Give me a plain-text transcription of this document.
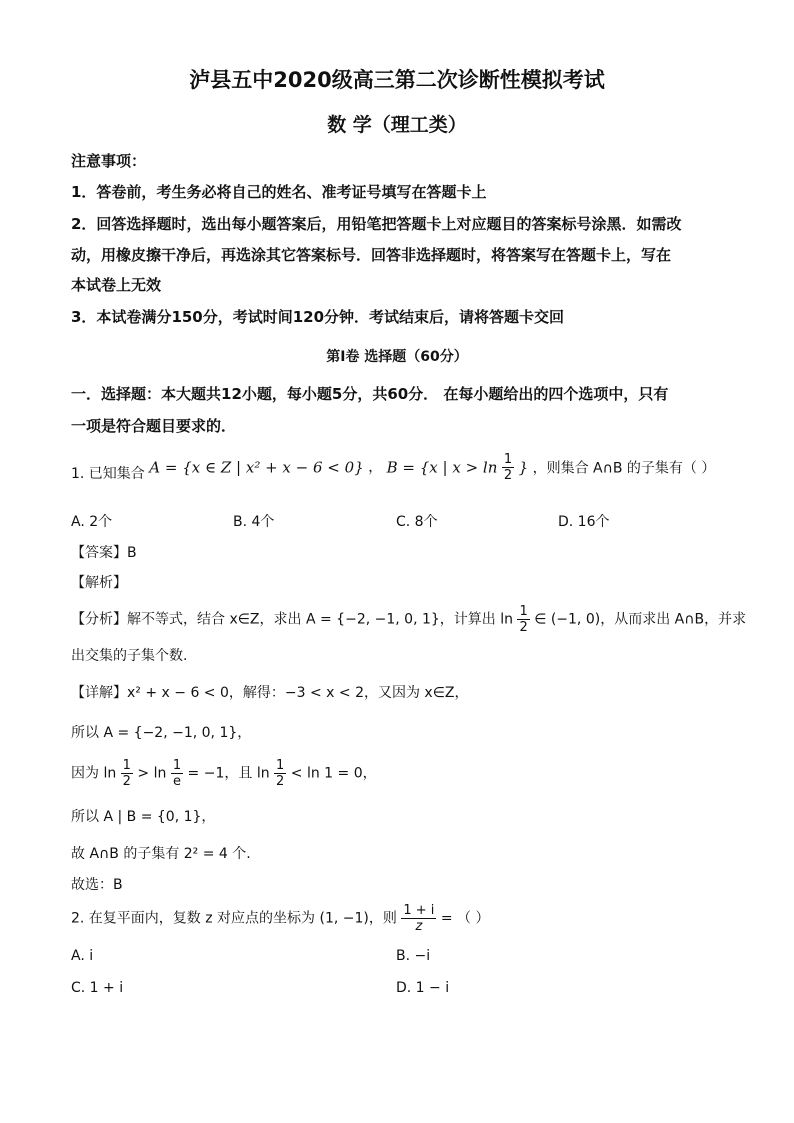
泸县五中2020级高三第二次诊断性模拟考试
数 学（理工类）
注意事项：
1．答卷前，考生务必将自己的姓名、准考证号填写在答题卡上
2．回答选择题时，选出每小题答案后，用铅笔把答题卡上对应题目的答案标号涂黑．如需改
动，用橡皮擦干净后，再选涂其它答案标号．回答非选择题时，将答案写在答题卡上，写在
本试卷上无效
3．本试卷满分150分，考试时间120分钟．考试结束后，请将答题卡交回
第I卷 选择题（60分）
一．选择题：本大题共12小题，每小题5分，共60分． 在每小题给出的四个选项中，只有
一项是符合题目要求的．
1. 已知集合 A = {x ∈ Z | x² + x − 6 < 0} ， B = {x | $x > \ln \frac{1}{2}$ } ，则集合 A∩B 的子集有（ ）
A. 2个	B. 4个	C. 8个	D. 16个
【答案】B
【解析】
【分析】解不等式，结合 x∈Z，求出 A = {−2, −1, 0, 1}，计算出 $\ln \frac{1}{2}$ ∈ (−1, 0)，从而求出 A∩B，并求
出交集的子集个数.
【详解】x² + x − 6 < 0，解得：−3 < x < 2，又因为 x∈Z，
所以 A = {−2, −1, 0, 1}，
因为 $\ln \frac{1}{2} > \ln \frac{1}{e} = -1$，且 $\ln \frac{1}{2} < \ln 1 = 0$，
所以 A | B = {0, 1}，
故 A∩B 的子集有 2² = 4 个.
故选：B
2. 在复平面内，复数 z 对应点的坐标为 (1, −1)，则 $\frac{1 + i}{z}$ = （ ）
A. i	B. −i
C. 1 + i	D. 1 − i
